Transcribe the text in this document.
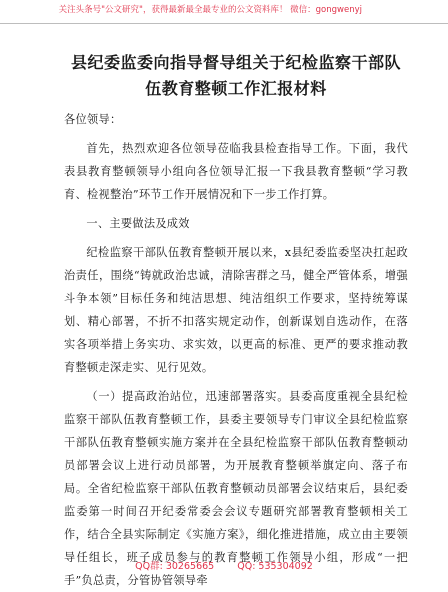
关注头条号"公文研究"，获得最新最全最专业的公文资料库！ 微信：gongwenyj
县纪委监委向指导督导组关于纪检监察干部队
伍教育整顿工作汇报材料

各位领导：

首先，热烈欢迎各位领导莅临我县检查指导工作。下面，我代表县教育整顿领导小组向各位领导汇报一下我县教育整顿“学习教育、检视整治”环节工作开展情况和下一步工作打算。

一、主要做法及成效

纪检监察干部队伍教育整顿开展以来，x县纪委监委坚决扛起政治责任，围绕“铸就政治忠诚，清除害群之马，健全严管体系，增强斗争本领”目标任务和纯洁思想、纯洁组织工作要求，坚持统筹谋划、精心部署，不折不扣落实规定动作，创新谋划自选动作，在落实各项举措上务实功、求实效，以更高的标准、更严的要求推动教育整顿走深走实、见行见效。

（一）提高政治站位，迅速部署落实。县委高度重视全县纪检监察干部队伍教育整顿工作，县委主要领导专门审议全县纪检监察干部队伍教育整顿实施方案并在全县纪检监察干部队伍教育整顿动员部署会议上进行动员部署，为开展教育整顿举旗定向、落子布局。全省纪检监察干部队伍教育整顿动员部署会议结束后，县纪委监委第一时间召开纪委常委会会议专题研究部署教育整顿相关工作，结合全县实际制定《实施方案》，细化推进措施，成立由主要领导任组长，班子成员参与的教育整顿工作领导小组，形成“一把手”负总责，分管协管领导牵

QQ群: 30265665 QQ: 535304092
